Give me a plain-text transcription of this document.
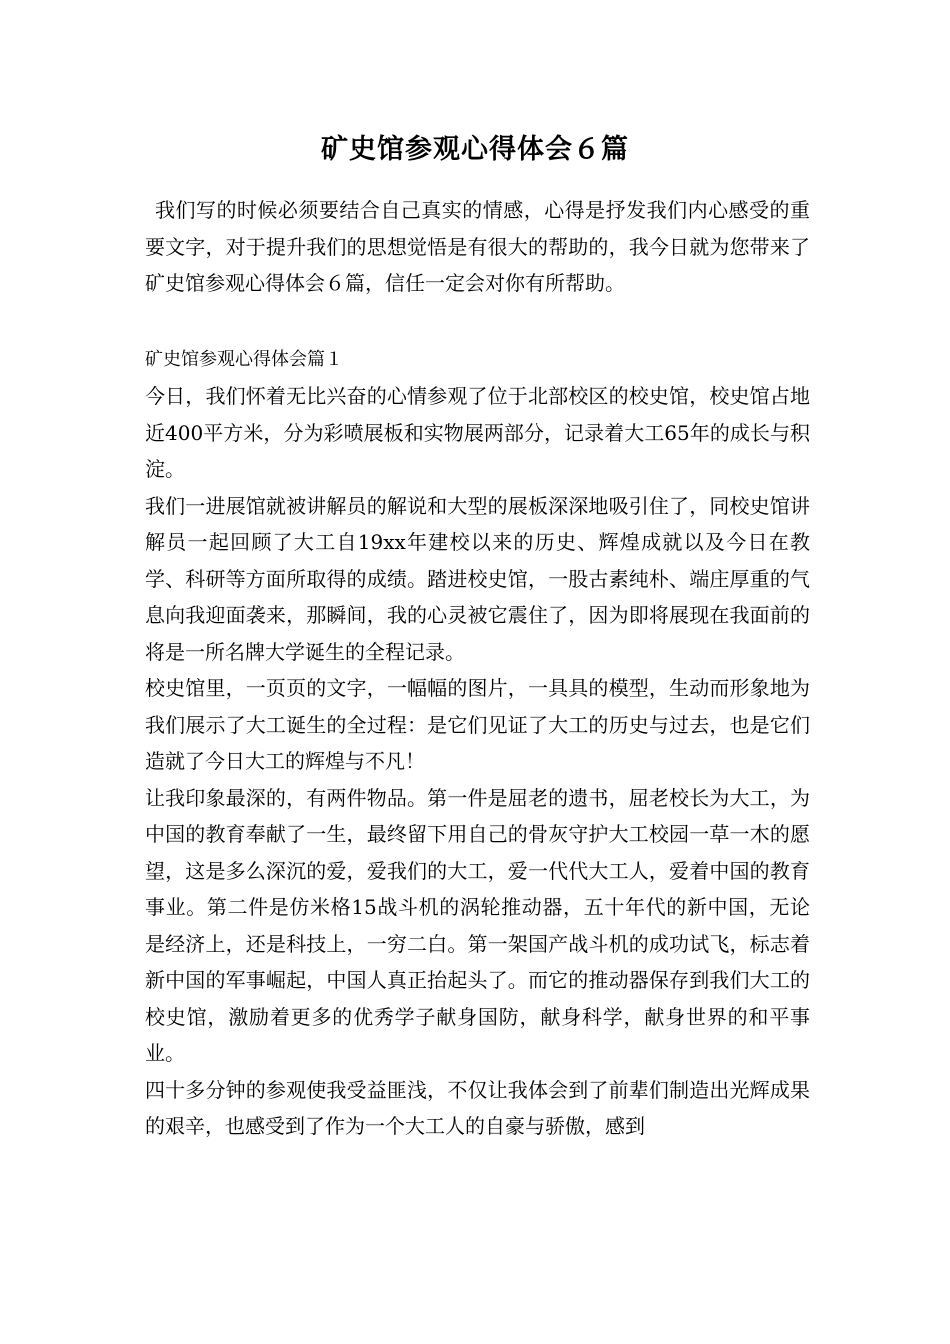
矿史馆参观心得体会６篇

我们写的时候必须要结合自己真实的情感，心得是抒发我们内心感受的重要文字，对于提升我们的思想觉悟是有很大的帮助的，我今日就为您带来了矿史馆参观心得体会６篇，信任一定会对你有所帮助。

矿史馆参观心得体会篇１

今日，我们怀着无比兴奋的心情参观了位于北部校区的校史馆，校史馆占地近400平方米，分为彩喷展板和实物展两部分，记录着大工65年的成长与积淀。

我们一进展馆就被讲解员的解说和大型的展板深深地吸引住了，同校史馆讲解员一起回顾了大工自19xx年建校以来的历史、辉煌成就以及今日在教学、科研等方面所取得的成绩。踏进校史馆，一股古素纯朴、端庄厚重的气息向我迎面袭来，那瞬间，我的心灵被它震住了，因为即将展现在我面前的将是一所名牌大学诞生的全程记录。

校史馆里，一页页的文字，一幅幅的图片，一具具的模型，生动而形象地为我们展示了大工诞生的全过程：是它们见证了大工的历史与过去，也是它们造就了今日大工的辉煌与不凡！

让我印象最深的，有两件物品。第一件是屈老的遗书，屈老校长为大工，为中国的教育奉献了一生，最终留下用自己的骨灰守护大工校园一草一木的愿望，这是多么深沉的爱，爱我们的大工，爱一代代大工人，爱着中国的教育事业。第二件是仿米格15战斗机的涡轮推动器，五十年代的新中国，无论是经济上，还是科技上，一穷二白。第一架国产战斗机的成功试飞，标志着新中国的军事崛起，中国人真正抬起头了。而它的推动器保存到我们大工的校史馆，激励着更多的优秀学子献身国防，献身科学，献身世界的和平事业。

四十多分钟的参观使我受益匪浅，不仅让我体会到了前辈们制造出光辉成果的艰辛，也感受到了作为一个大工人的自豪与骄傲，感到
